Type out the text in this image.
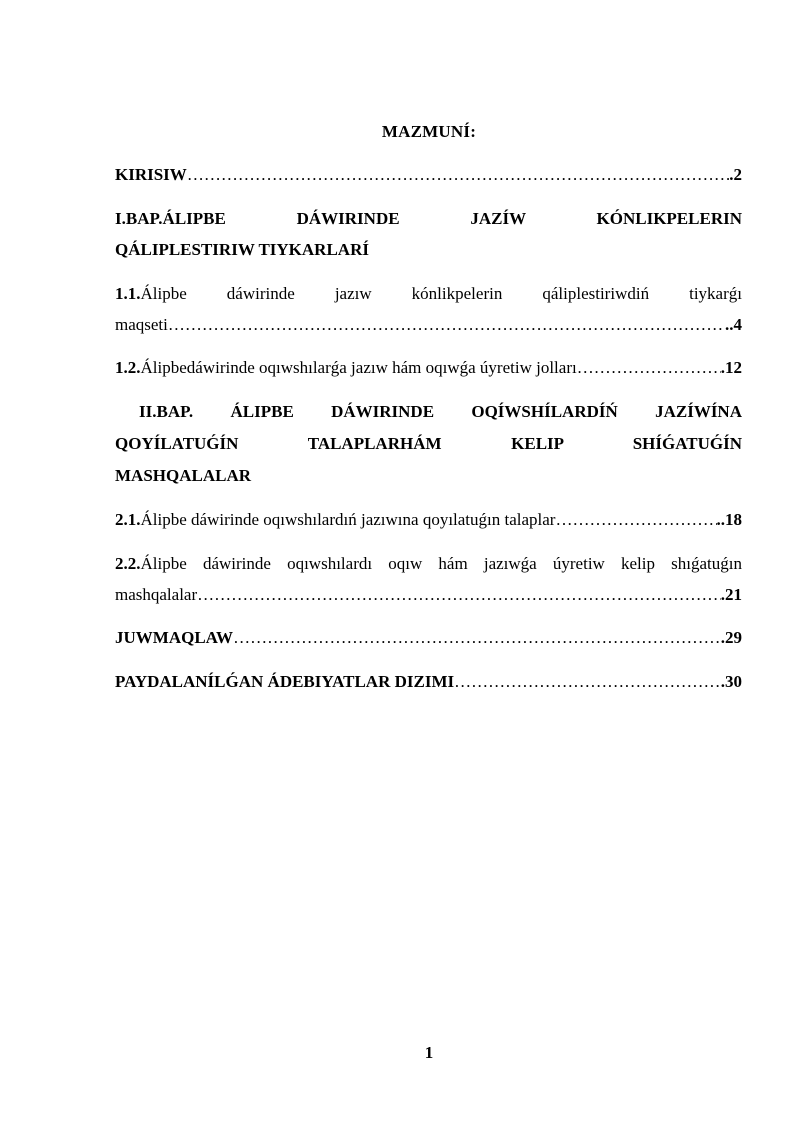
MAZMUNÍ:
KIRISIW ……………………………………………………………………………………………………………………………………………………………	.2
I.BAP.ÁLIPBE DÁWIRINDE JAZÍW KÓNLIKPELERIN
QÁLIPLESTIRIW TIYKARLARÍ
1.1.Álipbe dáwirinde jazıw kónlikpelerin qáliplestiriwdiń tiykarǵı
maqseti ……………………………………………………………………………………………………………………………………………………………	..4
1.2.Álipbedáwirinde oqıwshılarǵa jazıw hám oqıwǵa úyretiw jolları ……………………………………………………………………………………………………………………………………………………………	.12
II.BAP. ÁLIPBE DÁWIRINDE OQÍWSHÍLARDÍŃ JAZÍWÍNA
QOYÍLATUǴÍN TALAPLARHÁM KELIP SHÍǴATUǴÍN
MASHQALALAR
2.1.Álipbe dáwirinde oqıwshılardıń jazıwına qoyılatuǵın talaplar ……………………………………………………………………………………………………………………………………………………………	..18
2.2.Álipbe dáwirinde oqıwshılardı oqıw hám jazıwǵa úyretiw kelip shıǵatuǵın
mashqalalar ……………………………………………………………………………………………………………………………………………………………	.21
JUWMAQLAW ……………………………………………………………………………………………………………………………………………………………	.29
PAYDALANÍLǴAN ÁDEBIYATLAR DIZIMI ……………………………………………………………………………………………………………………………………………………………	.30
1
